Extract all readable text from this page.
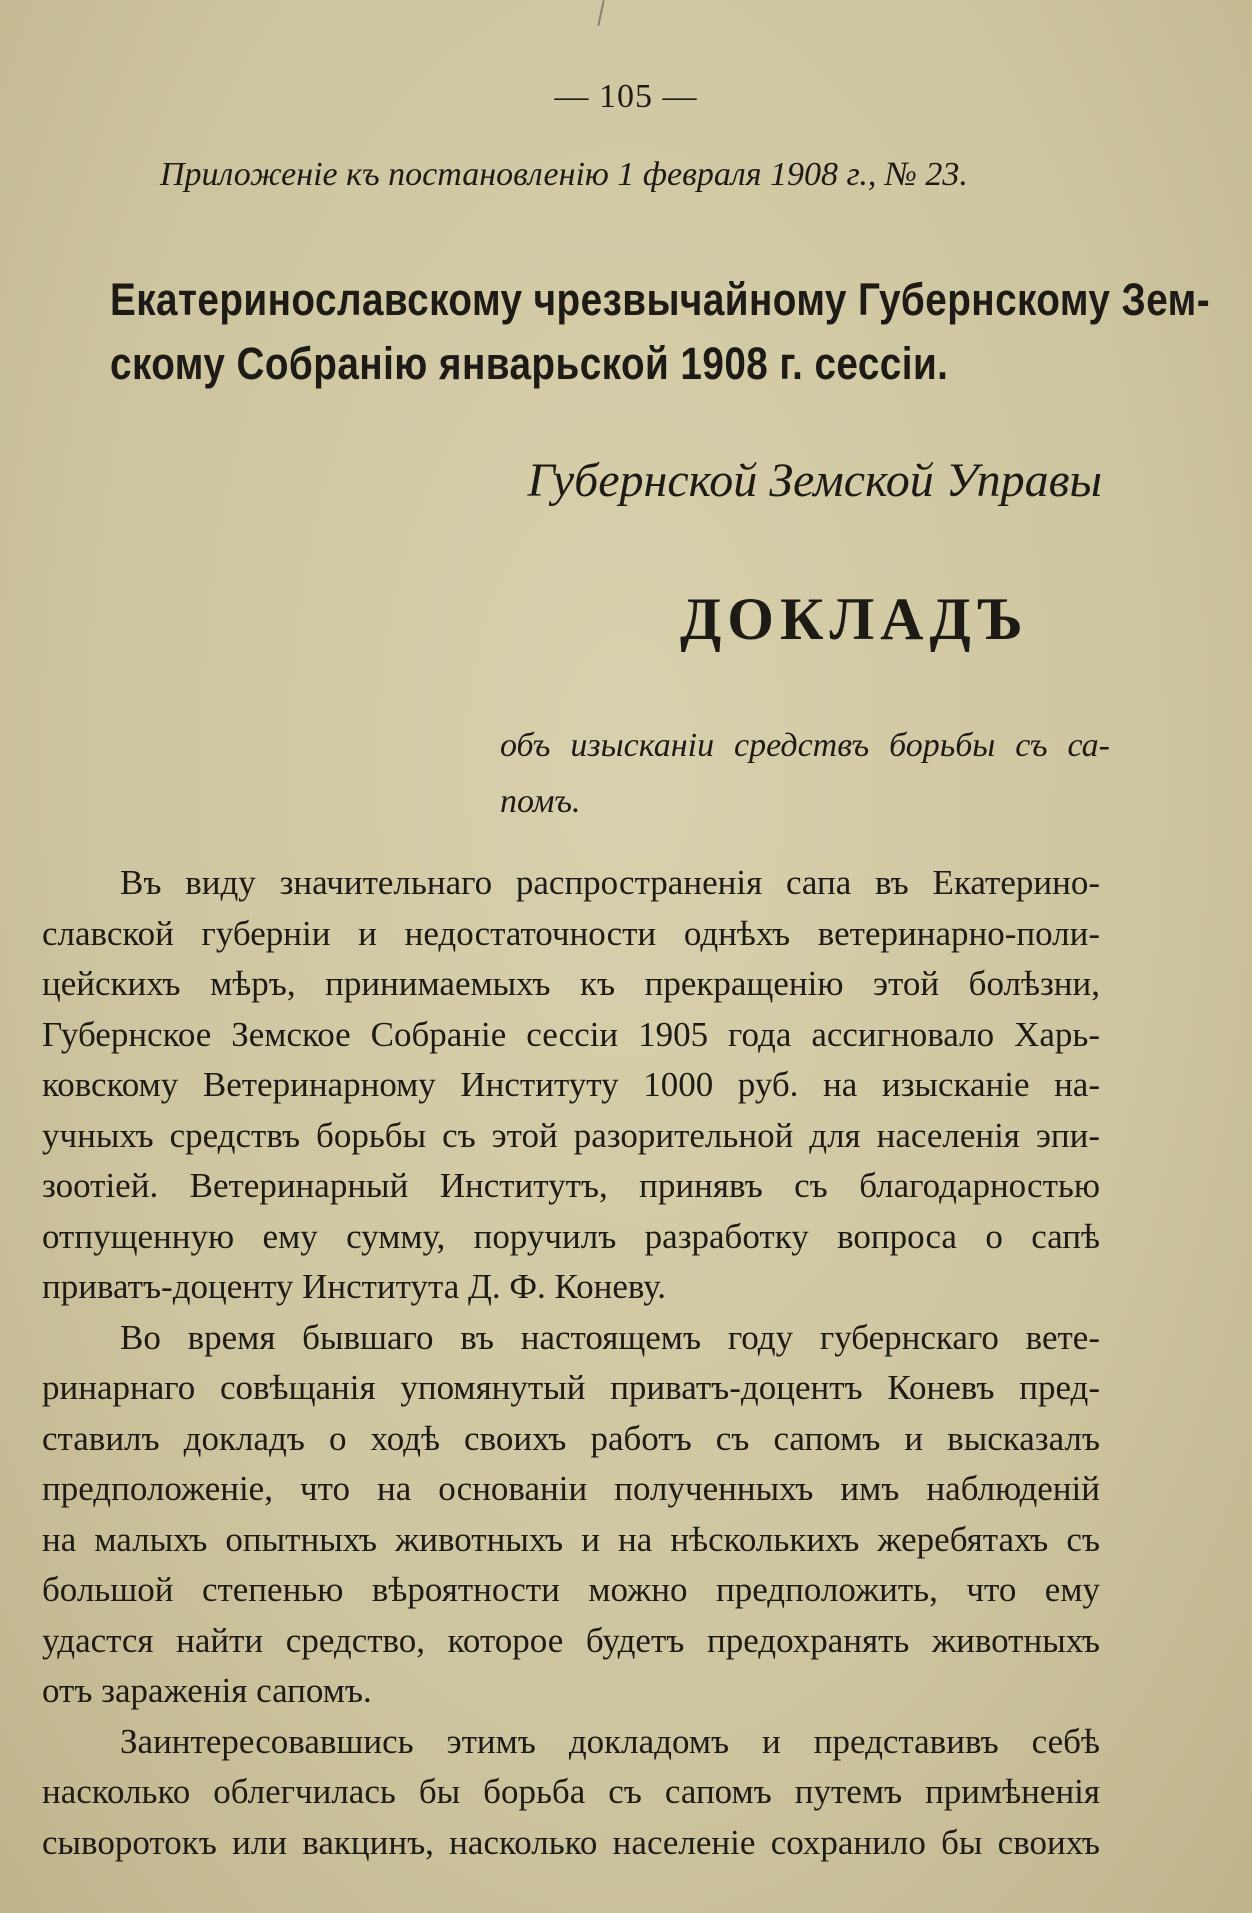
— 105 —
Приложеніе къ постановленію 1 февраля 1908 г., № 23.
Екатеринославскому чрезвычайному Губернскому Зем-
скому Собранію январьской 1908 г. сессіи.
Губернской Земской Управы
ДОКЛАДЪ
объ изысканіи средствъ борьбы съ са-
помъ.
Въ виду значительнаго распространенія сапа въ Екатерино-
славской губерніи и недостаточности однѣхъ ветеринарно-поли-
цейскихъ мѣръ, принимаемыхъ къ прекращенію этой болѣзни,
Губернское Земское Собраніе сессіи 1905 года ассигновало Харь-
ковскому Ветеринарному Институту 1000 руб. на изысканіе на-
учныхъ средствъ борьбы съ этой разорительной для населенія эпи-
зоотіей. Ветеринарный Институтъ, принявъ съ благодарностью
отпущенную ему сумму, поручилъ разработку вопроса о сапѣ
приватъ-доценту Института Д. Ф. Коневу.
Во время бывшаго въ настоящемъ году губернскаго вете-
ринарнаго совѣщанія упомянутый приватъ-доцентъ Коневъ пред-
ставилъ докладъ о ходѣ своихъ работъ съ сапомъ и высказалъ
предположеніе, что на основаніи полученныхъ имъ наблюденій
на малыхъ опытныхъ животныхъ и на нѣсколькихъ жеребятахъ съ
большой степенью вѣроятности можно предположить, что ему
удастся найти средство, которое будетъ предохранять животныхъ
отъ зараженія сапомъ.
Заинтересовавшись этимъ докладомъ и представивъ себѣ
насколько облегчилась бы борьба съ сапомъ путемъ примѣненія
сыворотокъ или вакцинъ, насколько населеніе сохранило бы своихъ
